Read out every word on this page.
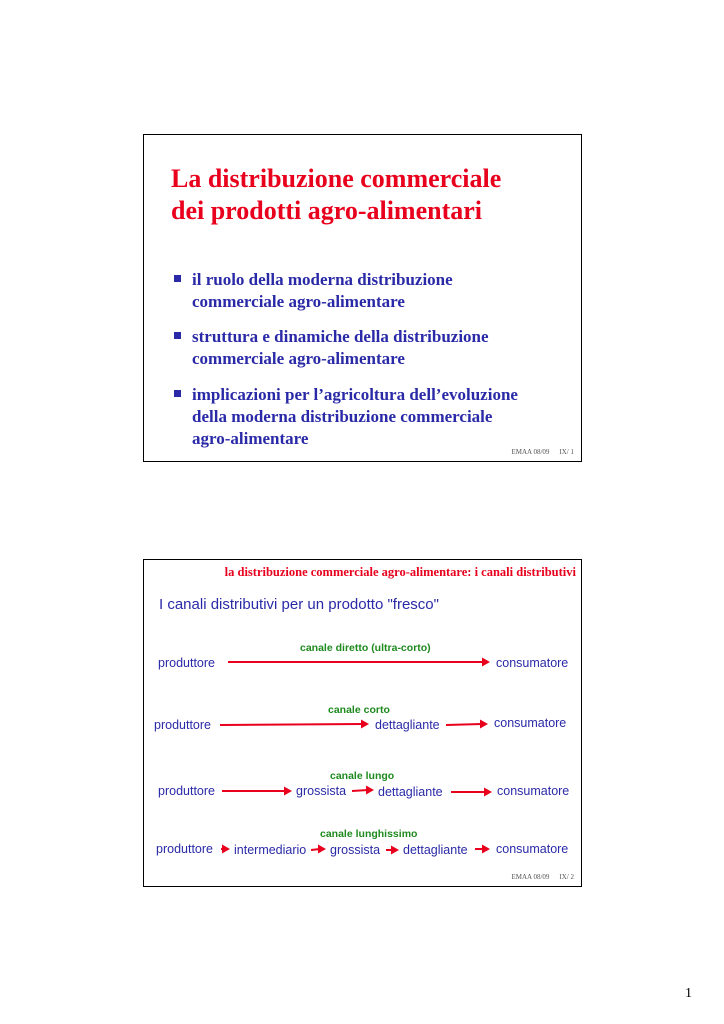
La distribuzione commerciale
dei prodotti agro-alimentari
il ruolo della moderna distribuzione
commerciale agro-alimentare
struttura e dinamiche della distribuzione
commerciale agro-alimentare
implicazioni per l’agricoltura dell’evoluzione
della moderna distribuzione commerciale
agro-alimentare
EMAA 08/09 IX/ 1
la distribuzione commerciale agro-alimentare: i canali distributivi
I canali distributivi per un prodotto "fresco"
canale diretto (ultra-corto)
produttore	consumatore
canale corto
produttore	dettagliante	consumatore
canale lungo
produttore	grossista	dettagliante	consumatore
canale lunghissimo
produttore intermediario grossista dettagliante consumatore
EMAA 08/09 IX/ 2
1
